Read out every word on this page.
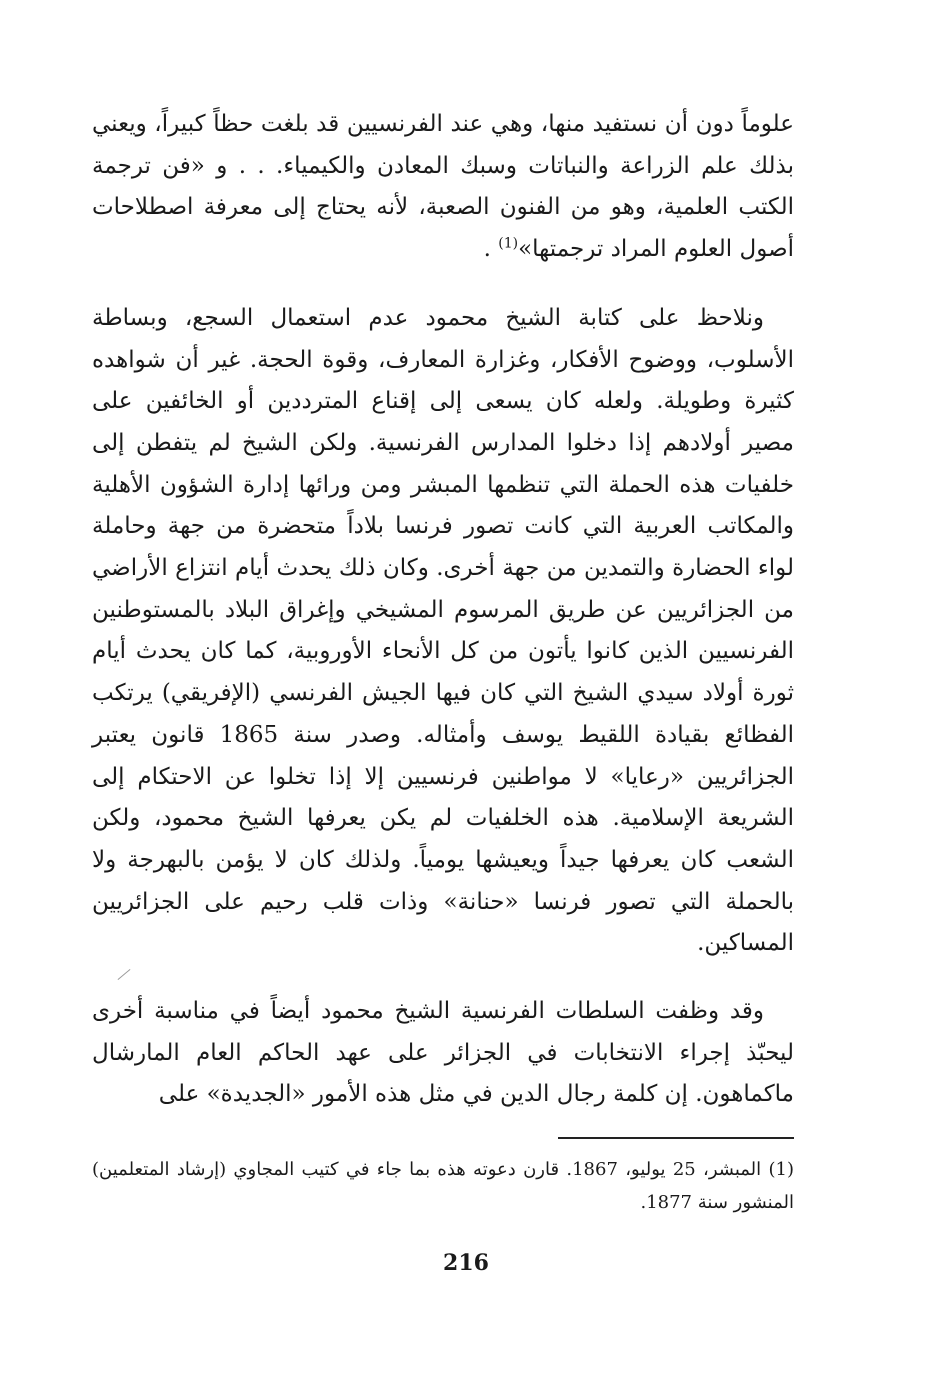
علوماً دون أن نستفيد منها، وهي عند الفرنسيين قد بلغت حظاً كبيراً، ويعني بذلك علم الزراعة والنباتات وسبك المعادن والكيمياء. . . و «فن ترجمة الكتب العلمية، وهو من الفنون الصعبة، لأنه يحتاج إلى معرفة اصطلاحات أصول العلوم المراد ترجمتها»$^{(1)}$ .

ونلاحظ على كتابة الشيخ محمود عدم استعمال السجع، وبساطة الأسلوب، ووضوح الأفكار، وغزارة المعارف، وقوة الحجة. غير أن شواهده كثيرة وطويلة. ولعله كان يسعى إلى إقناع المترددين أو الخائفين على مصير أولادهم إذا دخلوا المدارس الفرنسية. ولكن الشيخ لم يتفطن إلى خلفيات هذه الحملة التي تنظمها المبشر ومن ورائها إدارة الشؤون الأهلية والمكاتب العربية التي كانت تصور فرنسا بلاداً متحضرة من جهة وحاملة لواء الحضارة والتمدين من جهة أخرى. وكان ذلك يحدث أيام انتزاع الأراضي من الجزائريين عن طريق المرسوم المشيخي وإغراق البلاد بالمستوطنين الفرنسيين الذين كانوا يأتون من كل الأنحاء الأوروبية، كما كان يحدث أيام ثورة أولاد سيدي الشيخ التي كان فيها الجيش الفرنسي (الإفريقي) يرتكب الفظائع بقيادة اللقيط يوسف وأمثاله. وصدر سنة 1865 قانون يعتبر الجزائريين «رعايا» لا مواطنين فرنسيين إلا إذا تخلوا عن الاحتكام إلى الشريعة الإسلامية. هذه الخلفيات لم يكن يعرفها الشيخ محمود، ولكن الشعب كان يعرفها جيداً ويعيشها يومياً. ولذلك كان لا يؤمن بالبهرجة ولا بالحملة التي تصور فرنسا «حنانة» وذات قلب رحيم على الجزائريين المساكين.

وقد وظفت السلطات الفرنسية الشيخ محمود أيضاً في مناسبة أخرى ليحبّذ إجراء الانتخابات في الجزائر على عهد الحاكم العام المارشال ماكماهون. إن كلمة رجال الدين في مثل هذه الأمور «الجديدة» على

(1) المبشر، 25 يوليو، 1867. قارن دعوته هذه بما جاء في كتيب المجاوي (إرشاد المتعلمين) المنشور سنة 1877.
216
